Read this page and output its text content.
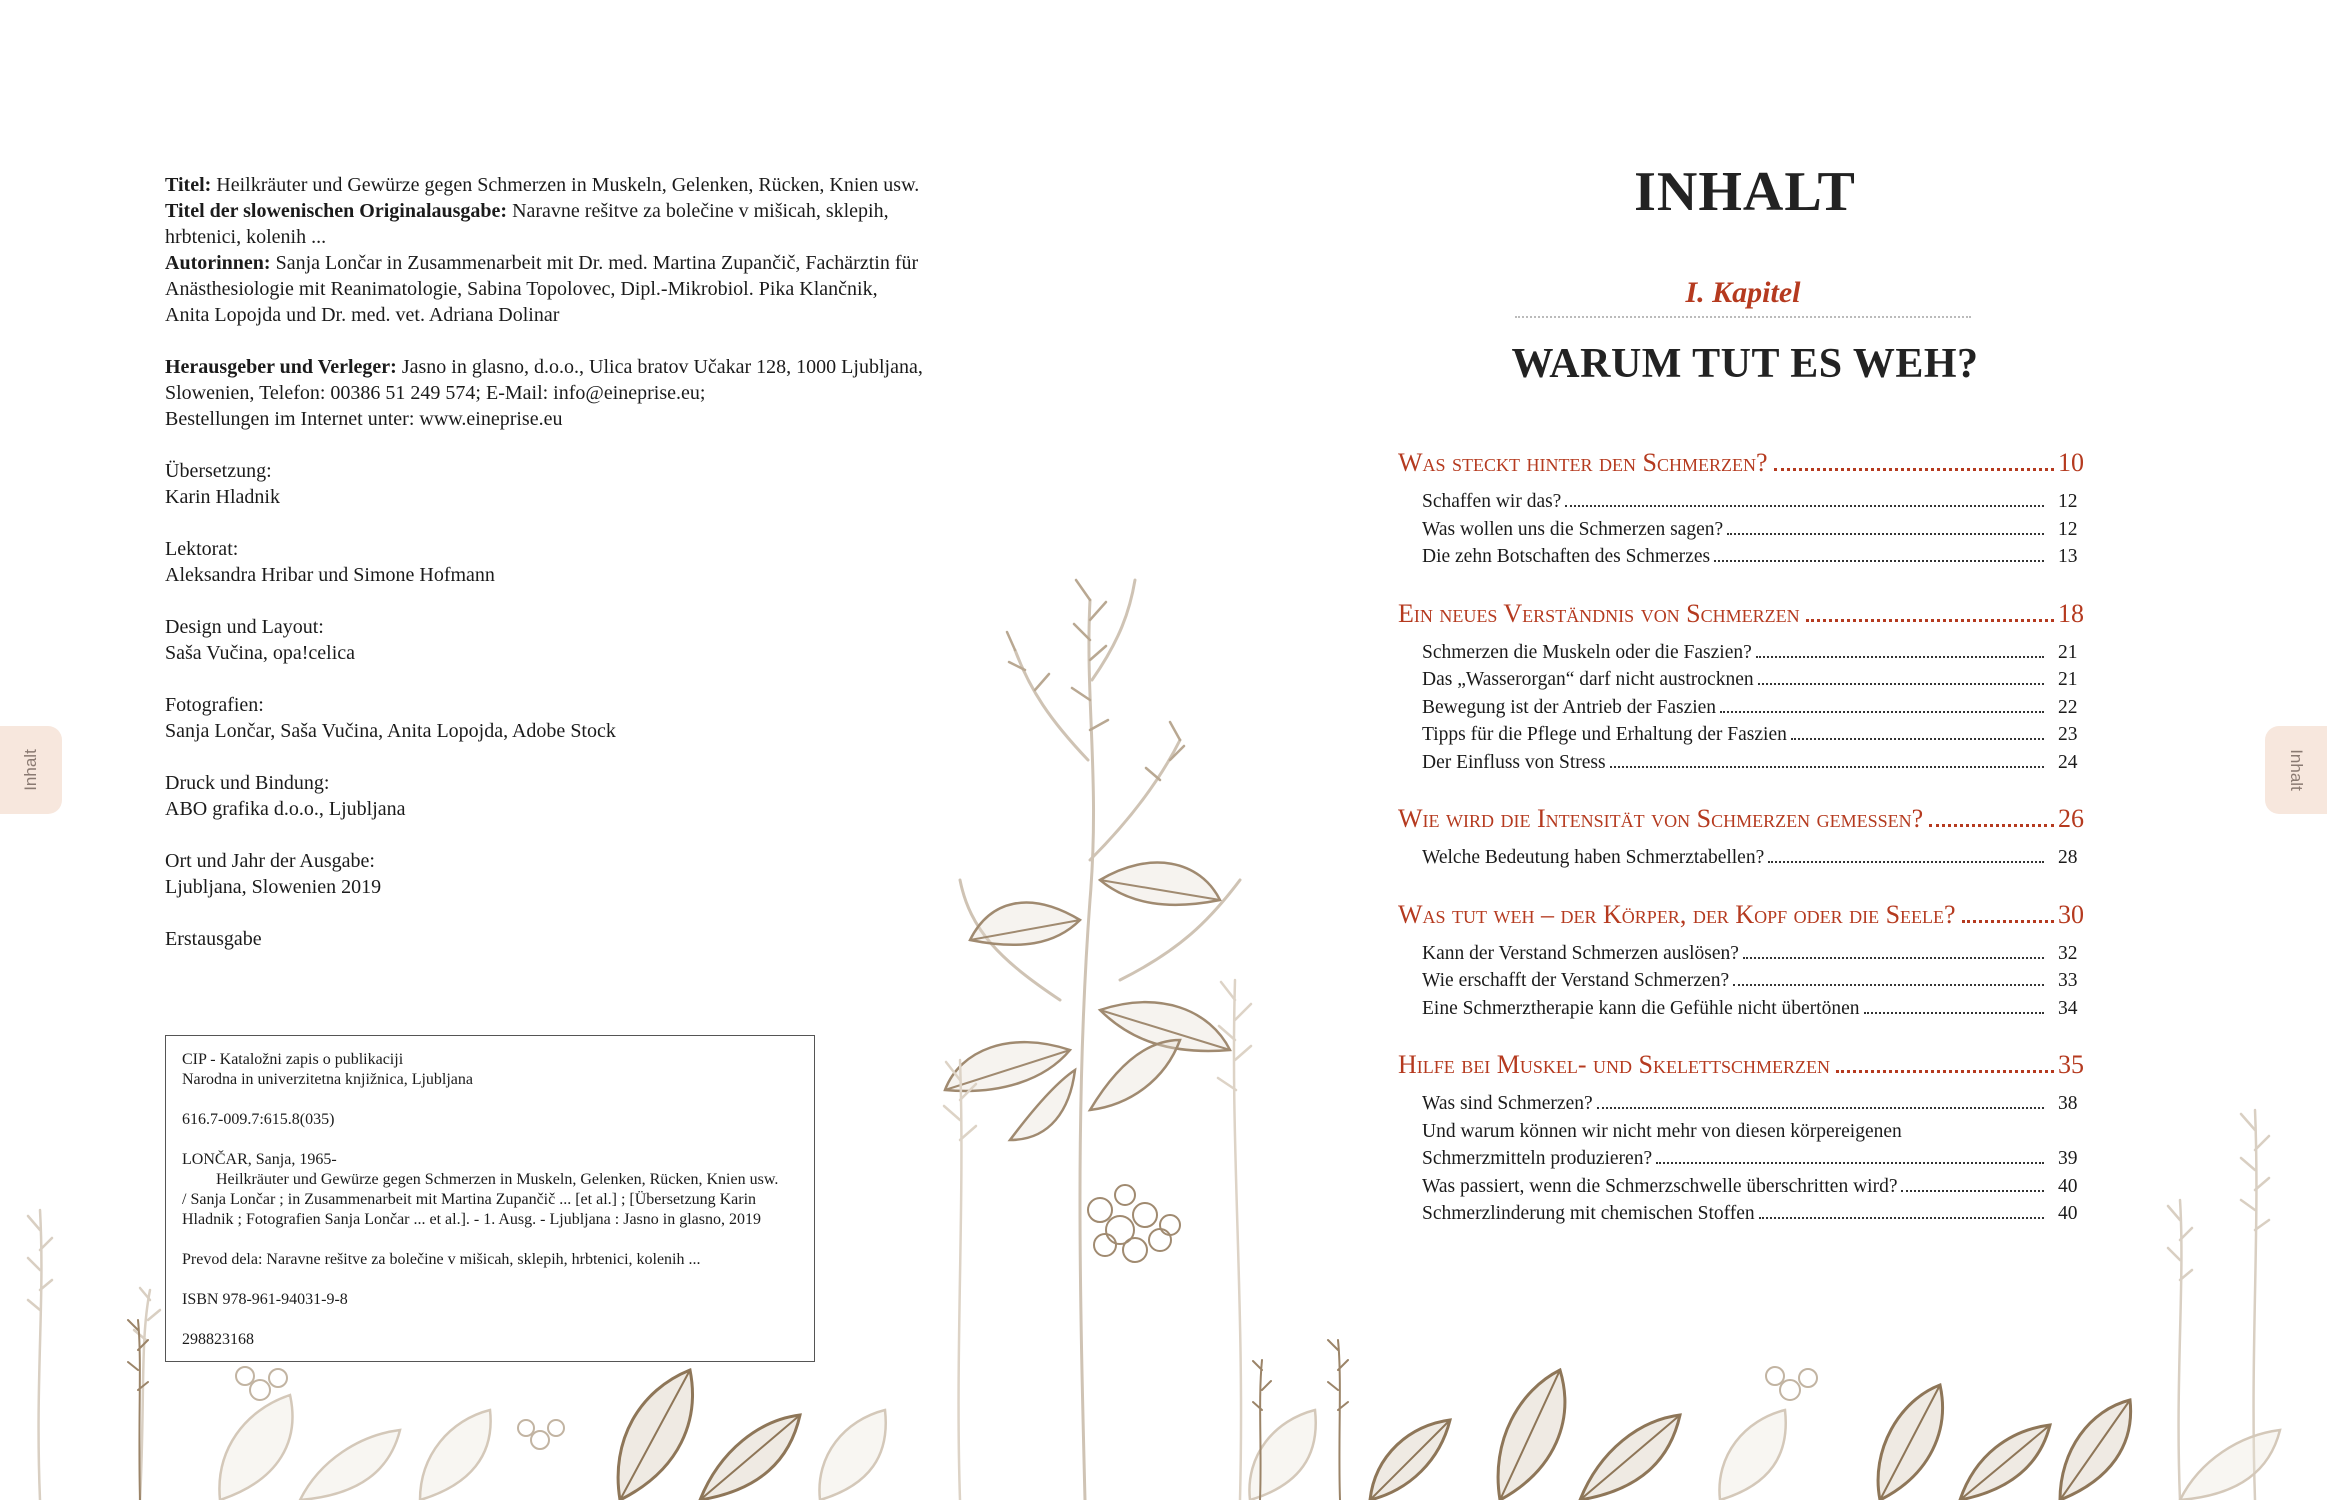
Inhalt	Inhalt

Titel: Heilkräuter und Gewürze gegen Schmerzen in Muskeln, Gelenken, Rücken, Knien usw.

Titel der slowenischen Originalausgabe: Naravne rešitve za bolečine v mišicah, sklepih,

hrbtenici, kolenih ...

Autorinnen: Sanja Lončar in Zusammenarbeit mit Dr. med. Martina Zupančič, Fachärztin für

Anästhesiologie mit Reanimatologie, Sabina Topolovec, Dipl.-Mikrobiol. Pika Klančnik,

Anita Lopojda und Dr. med. vet. Adriana Dolinar

Herausgeber und Verleger: Jasno in glasno, d.o.o., Ulica bratov Učakar 128, 1000 Ljubljana,

Slowenien, Telefon: 00386 51 249 574; E-Mail: info@eineprise.eu;

Bestellungen im Internet unter: www.eineprise.eu

Übersetzung:

Karin Hladnik

Lektorat:

Aleksandra Hribar und Simone Hofmann

Design und Layout:

Saša Vučina, opa!celica

Fotografien:

Sanja Lončar, Saša Vučina, Anita Lopojda, Adobe Stock

Druck und Bindung:

ABO grafika d.o.o., Ljubljana

Ort und Jahr der Ausgabe:

Ljubljana, Slowenien 2019

Erstausgabe

CIP - Kataložni zapis o publikaciji

Narodna in univerzitetna knjižnica, Ljubljana

616.7-009.7:615.8(035)

LONČAR, Sanja, 1965-

Heilkräuter und Gewürze gegen Schmerzen in Muskeln, Gelenken, Rücken, Knien usw.

/ Sanja Lončar ; in Zusammenarbeit mit Martina Zupančič ... [et al.] ; [Übersetzung Karin

Hladnik ; Fotografien Sanja Lončar ... et al.]. - 1. Ausg. - Ljubljana : Jasno in glasno, 2019

Prevod dela: Naravne rešitve za bolečine v mišicah, sklepih, hrbtenici, kolenih ...

ISBN 978-961-94031-9-8

298823168

INHALT
I. Kapitel
WARUM TUT ES WEH?
Was steckt hinter den Schmerzen?	10
Schaffen wir das?	12
Was wollen uns die Schmerzen sagen?	12
Die zehn Botschaften des Schmerzes	13
Ein neues Verständnis von Schmerzen	18
Schmerzen die Muskeln oder die Faszien?	21
Das „Wasserorgan“ darf nicht austrocknen	21
Bewegung ist der Antrieb der Faszien	22
Tipps für die Pflege und Erhaltung der Faszien	23
Der Einfluss von Stress	24
Wie wird die Intensität von Schmerzen gemessen?	26
Welche Bedeutung haben Schmerztabellen?	28
Was tut weh – der Körper, der Kopf oder die Seele?	30
Kann der Verstand Schmerzen auslösen?	32
Wie erschafft der Verstand Schmerzen?	33
Eine Schmerztherapie kann die Gefühle nicht übertönen	34
Hilfe bei Muskel- und Skelettschmerzen	35
Was sind Schmerzen?	38
Und warum können wir nicht mehr von diesen körpereigenen
Schmerzmitteln produzieren?	39
Was passiert, wenn die Schmerzschwelle überschritten wird?	40
Schmerzlinderung mit chemischen Stoffen	40
